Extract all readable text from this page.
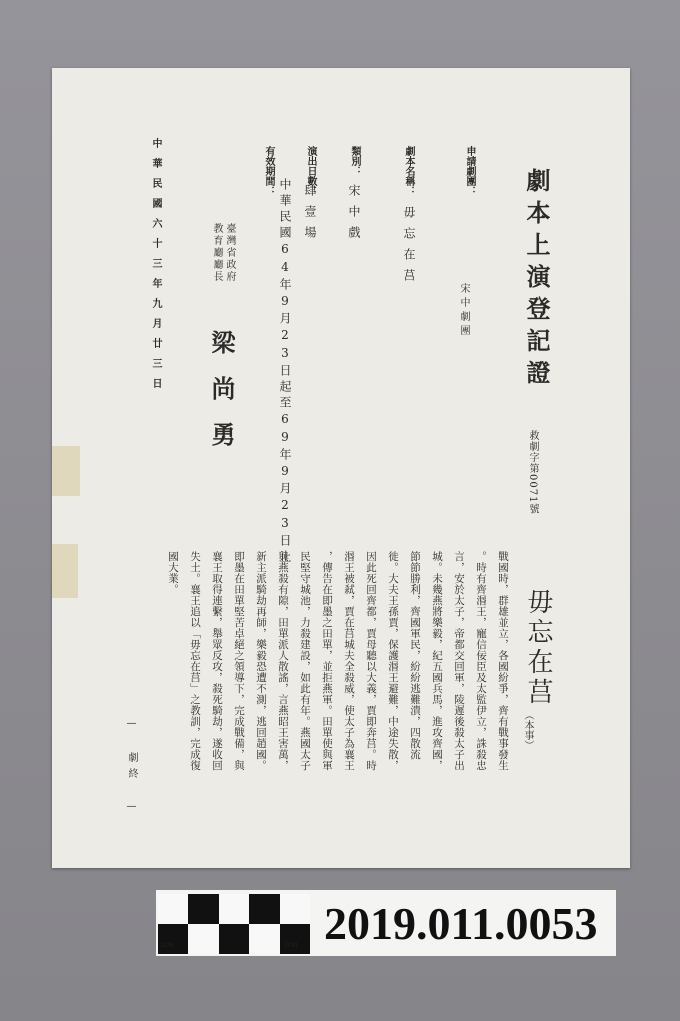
劇本上演登記證
救劇字第0071號
申請劇團：
宋中劇團
劇本名稱：
毋忘在莒
類別：
宋中戲
演出日數：
肆壹場
有效期間：
中華民國64年9月23日起至69年9月23日止
臺灣省政府
教育廳廳長
梁尚勇
中華民國六十三年九月廿三日
毋忘在莒
（本事）
戰國時，群雄並立，各國紛爭，齊有戰事發生
。時有齊湣王，寵信佞臣及太監伊立，誅殺忠
言，安於太子，帝都交回軍，陵遲後殺太子出
城。未幾燕將樂毅，紀五國兵馬，進攻齊國，
節節勝利，齊國軍民，紛紛逃難潰，四散流
徙。大夫王孫賈，保護湣王避難，中途失散，
因此死回齊都，賈母聽以大義，賈即奔莒。時
湣王被弒，賈在莒城夫全殺威，使太子為襄王
，傳告在即墨之田單，並拒燕軍。田單使與軍
民堅守城池，力殺建設，如此有年。燕國太子
與燕殺有隙，田單派人散謠，言燕昭王害萬，
新主派騎劫再師，樂毅恐遭不測，逃回趙國。
即墨在田單堅苦卓絕之領導下，完成戰備，與
襄王取得連繫，舉眾反攻，殺死騎劫，遂收回
失土。襄王追以「毋忘在莒」之教訓，完成復
國大業。
— 劇終 —
1CM	5CM 2019.011.0053
